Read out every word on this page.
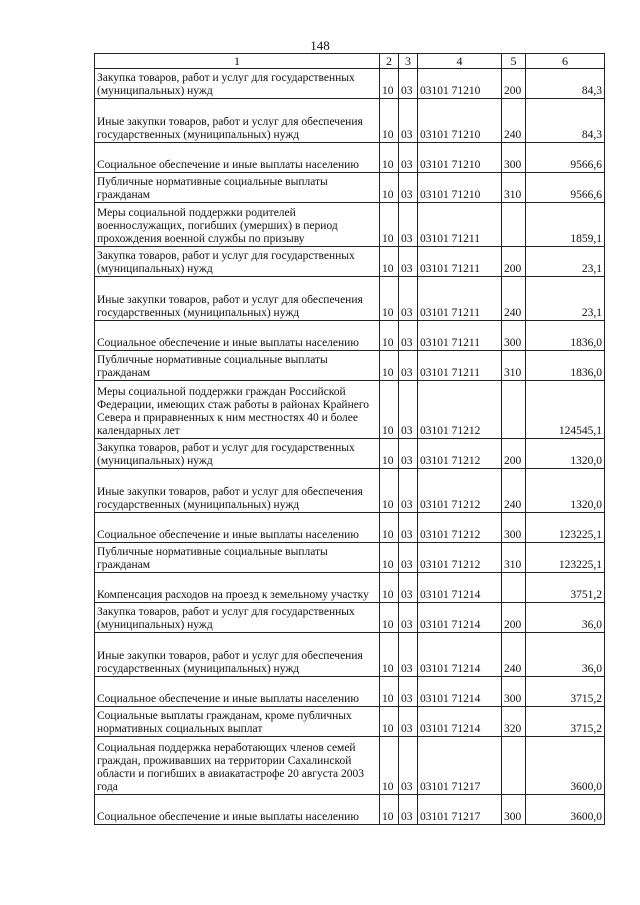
148
1	2	3	4	5	6
Закупка товаров, работ и услуг для государственных (муниципальных) нужд	10	03	03101 71210	200	84,3
Иные закупки товаров, работ и услуг для обеспечения государственных (муниципальных) нужд	10	03	03101 71210	240	84,3
Социальное обеспечение и иные выплаты населению	10	03	03101 71210	300	9566,6
Публичные нормативные социальные выплаты гражданам	10	03	03101 71210	310	9566,6
Меры социальной поддержки родителей военнослужащих, погибших (умерших) в период прохождения военной службы по призыву	10	03	03101 71211		1859,1
Закупка товаров, работ и услуг для государственных (муниципальных) нужд	10	03	03101 71211	200	23,1
Иные закупки товаров, работ и услуг для обеспечения государственных (муниципальных) нужд	10	03	03101 71211	240	23,1
Социальное обеспечение и иные выплаты населению	10	03	03101 71211	300	1836,0
Публичные нормативные социальные выплаты гражданам	10	03	03101 71211	310	1836,0
Меры социальной поддержки граждан Российской Федерации, имеющих стаж работы в районах Крайнего Севера и приравненных к ним местностях 40 и более календарных лет	10	03	03101 71212		124545,1
Закупка товаров, работ и услуг для государственных (муниципальных) нужд	10	03	03101 71212	200	1320,0
Иные закупки товаров, работ и услуг для обеспечения государственных (муниципальных) нужд	10	03	03101 71212	240	1320,0
Социальное обеспечение и иные выплаты населению	10	03	03101 71212	300	123225,1
Публичные нормативные социальные выплаты гражданам	10	03	03101 71212	310	123225,1
Компенсация расходов на проезд к земельному участку	10	03	03101 71214		3751,2
Закупка товаров, работ и услуг для государственных (муниципальных) нужд	10	03	03101 71214	200	36,0
Иные закупки товаров, работ и услуг для обеспечения государственных (муниципальных) нужд	10	03	03101 71214	240	36,0
Социальное обеспечение и иные выплаты населению	10	03	03101 71214	300	3715,2
Социальные выплаты гражданам, кроме публичных нормативных социальных выплат	10	03	03101 71214	320	3715,2
Социальная поддержка неработающих членов семей граждан, проживавших на территории Сахалинской области и погибших в авиакатастрофе 20 августа 2003 года	10	03	03101 71217		3600,0
Социальное обеспечение и иные выплаты населению	10	03	03101 71217	300	3600,0
